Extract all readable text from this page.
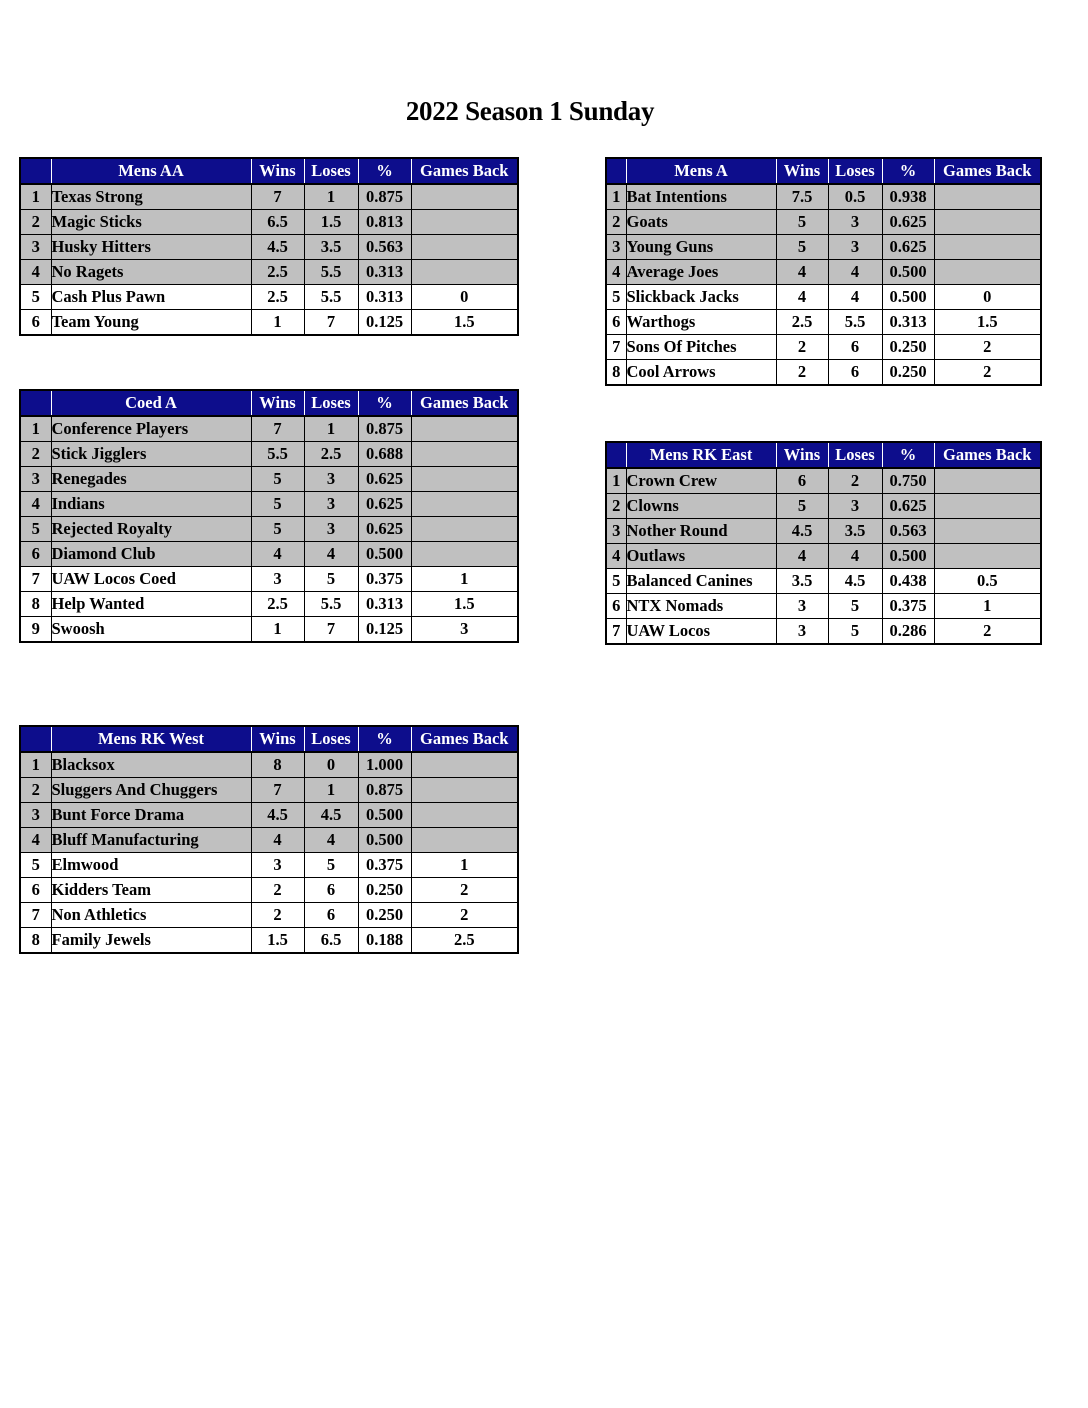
2022 Season 1 Sunday
	Mens AA	Wins	Loses	%	Games Back
1	Texas Strong	7	1	0.875	
2	Magic Sticks	6.5	1.5	0.813	
3	Husky Hitters	4.5	3.5	0.563	
4	No Ragets	2.5	5.5	0.313	
5	Cash Plus Pawn	2.5	5.5	0.313	0
6	Team Young	1	7	0.125	1.5
	Coed A	Wins	Loses	%	Games Back
1	Conference Players	7	1	0.875	
2	Stick Jigglers	5.5	2.5	0.688	
3	Renegades	5	3	0.625	
4	Indians	5	3	0.625	
5	Rejected Royalty	5	3	0.625	
6	Diamond Club	4	4	0.500	
7	UAW Locos Coed	3	5	0.375	1
8	Help Wanted	2.5	5.5	0.313	1.5
9	Swoosh	1	7	0.125	3
	Mens RK West	Wins	Loses	%	Games Back
1	Blacksox	8	0	1.000	
2	Sluggers And Chuggers	7	1	0.875	
3	Bunt Force Drama	4.5	4.5	0.500	
4	Bluff Manufacturing	4	4	0.500	
5	Elmwood	3	5	0.375	1
6	Kidders Team	2	6	0.250	2
7	Non Athletics	2	6	0.250	2
8	Family Jewels	1.5	6.5	0.188	2.5
	Mens A	Wins	Loses	%	Games Back
1	Bat Intentions	7.5	0.5	0.938	
2	Goats	5	3	0.625	
3	Young Guns	5	3	0.625	
4	Average Joes	4	4	0.500	
5	Slickback Jacks	4	4	0.500	0
6	Warthogs	2.5	5.5	0.313	1.5
7	Sons Of Pitches	2	6	0.250	2
8	Cool Arrows	2	6	0.250	2
	Mens RK East	Wins	Loses	%	Games Back
1	Crown Crew	6	2	0.750	
2	Clowns	5	3	0.625	
3	Nother Round	4.5	3.5	0.563	
4	Outlaws	4	4	0.500	
5	Balanced Canines	3.5	4.5	0.438	0.5
6	NTX Nomads	3	5	0.375	1
7	UAW Locos	3	5	0.286	2
